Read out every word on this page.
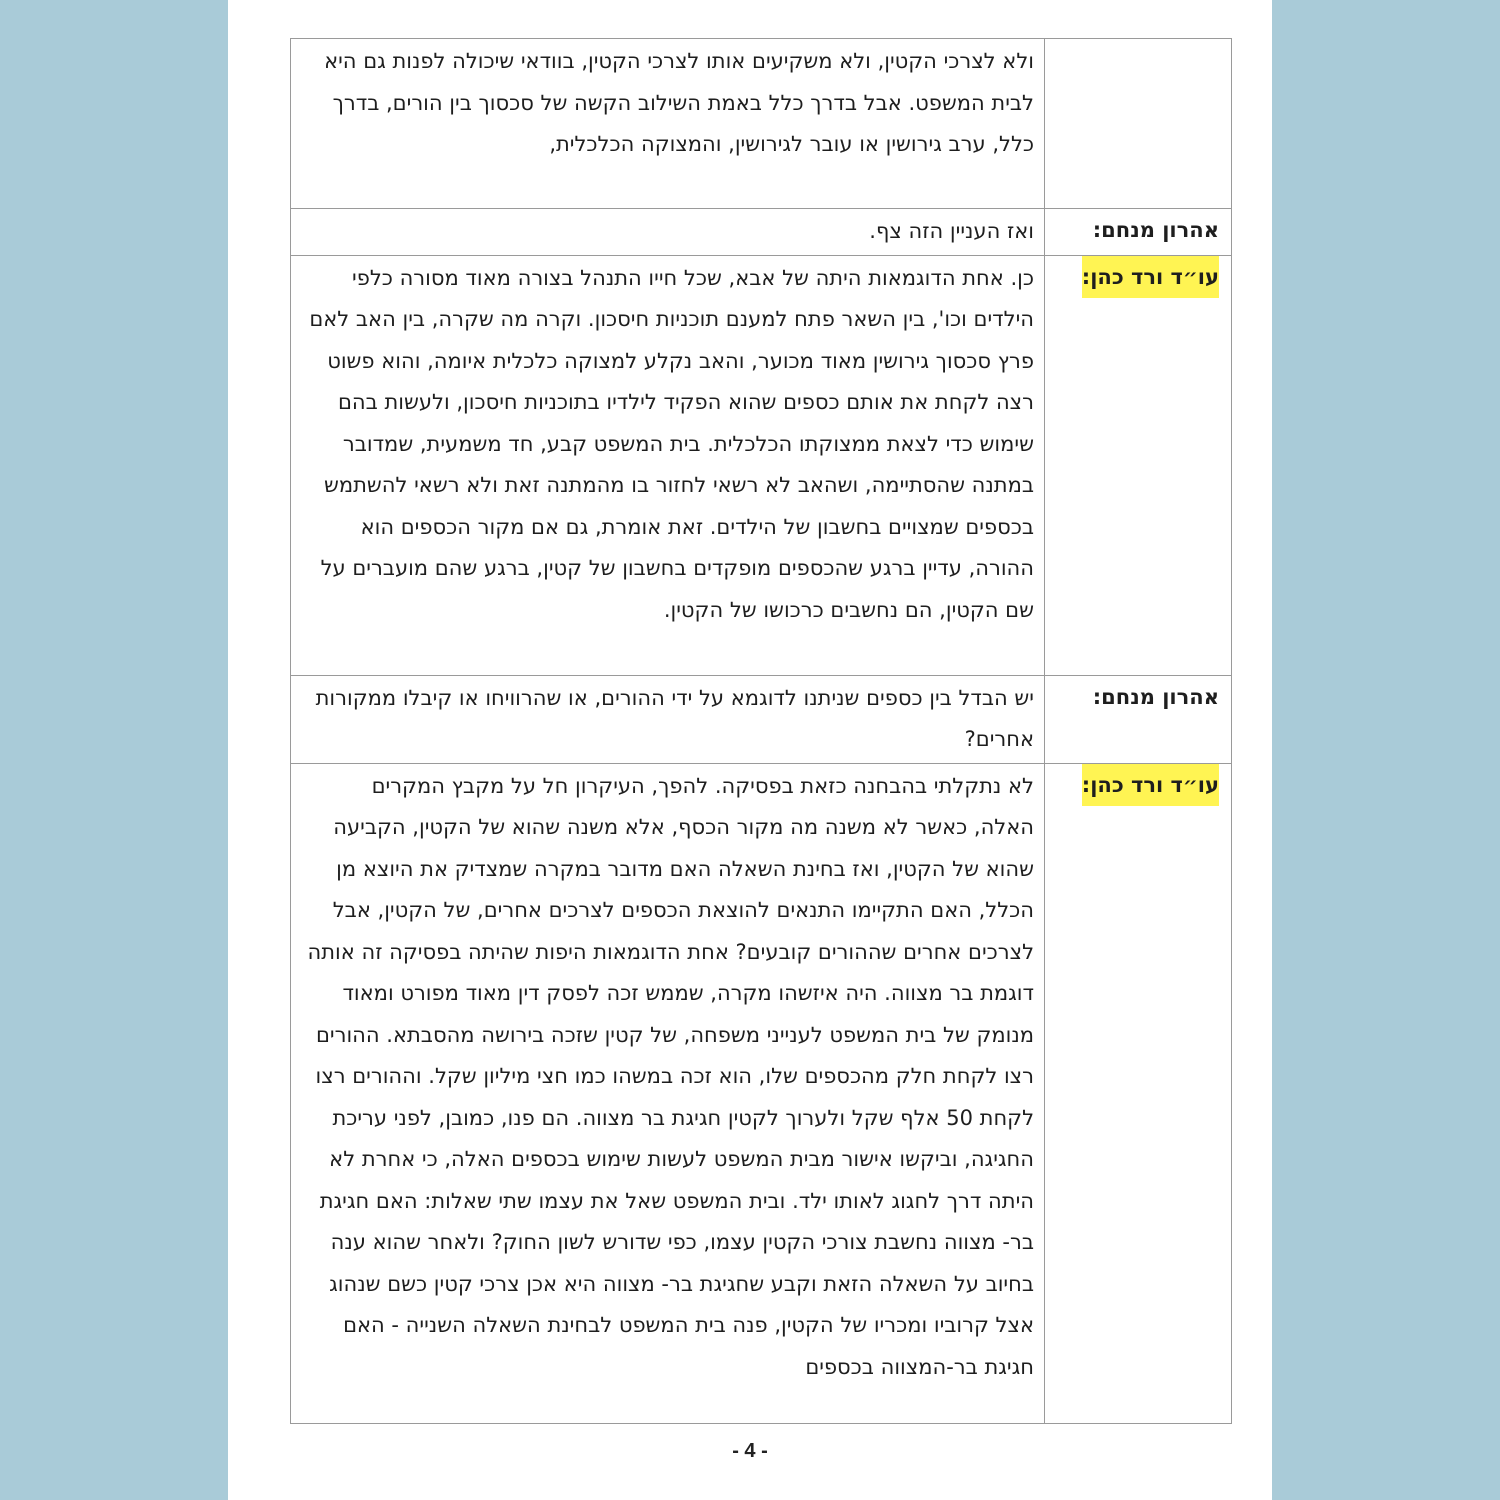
	ולא לצרכי הקטין, ולא משקיעים אותו לצרכי הקטין, בוודאי שיכולה לפנות גם היא לבית המשפט. אבל בדרך כלל באמת השילוב הקשה של סכסוך בין הורים, בדרך כלל, ערב גירושין או עובר לגירושין, והמצוקה הכלכלית,

אהרון מנחם:	ואז העניין הזה צף.

עו״ד ורד כהן:	כן. אחת הדוגמאות היתה של אבא, שכל חייו התנהל בצורה מאוד מסורה כלפי הילדים וכו', בין השאר פתח למענם תוכניות חיסכון. וקרה מה שקרה, בין האב לאם פרץ סכסוך גירושין מאוד מכוער, והאב נקלע למצוקה כלכלית איומה, והוא פשוט רצה לקחת את אותם כספים שהוא הפקיד לילדיו בתוכניות חיסכון, ולעשות בהם שימוש כדי לצאת ממצוקתו הכלכלית. בית המשפט קבע, חד משמעית, שמדובר במתנה שהסתיימה, ושהאב לא רשאי לחזור בו מהמתנה זאת ולא רשאי להשתמש בכספים שמצויים בחשבון של הילדים. זאת אומרת, גם אם מקור הכספים הוא ההורה, עדיין ברגע שהכספים מופקדים בחשבון של קטין, ברגע שהם מועברים על שם הקטין, הם נחשבים כרכושו של הקטין.

אהרון מנחם:	יש הבדל בין כספים שניתנו לדוגמא על ידי ההורים, או שהרוויחו או קיבלו ממקורות אחרים?

עו״ד ורד כהן:	לא נתקלתי בהבחנה כזאת בפסיקה. להפך, העיקרון חל על מקבץ המקרים האלה, כאשר לא משנה מה מקור הכסף, אלא משנה שהוא של הקטין, הקביעה שהוא של הקטין, ואז בחינת השאלה האם מדובר במקרה שמצדיק את היוצא מן הכלל, האם התקיימו התנאים להוצאת הכספים לצרכים אחרים, של הקטין, אבל לצרכים אחרים שההורים קובעים? אחת הדוגמאות היפות שהיתה בפסיקה זה אותה דוגמת בר מצווה. היה איזשהו מקרה, שממש זכה לפסק דין מאוד מפורט ומאוד מנומק של בית המשפט לענייני משפחה, של קטין שזכה בירושה מהסבתא. ההורים רצו לקחת חלק מהכספים שלו, הוא זכה במשהו כמו חצי מיליון שקל. וההורים רצו לקחת 50 אלף שקל ולערוך לקטין חגיגת בר מצווה. הם פנו, כמובן, לפני עריכת החגיגה, וביקשו אישור מבית המשפט לעשות שימוש בכספים האלה, כי אחרת לא היתה דרך לחגוג לאותו ילד. ובית המשפט שאל את עצמו שתי שאלות: האם חגיגת בר- מצווה נחשבת צורכי הקטין עצמו, כפי שדורש לשון החוק? ולאחר שהוא ענה בחיוב על השאלה הזאת וקבע שחגיגת בר- מצווה היא אכן צרכי קטין כשם שנהוג אצל קרוביו ומכריו של הקטין, פנה בית המשפט לבחינת השאלה השנייה - האם חגיגת בר-המצווה בכספים

- 4 -
